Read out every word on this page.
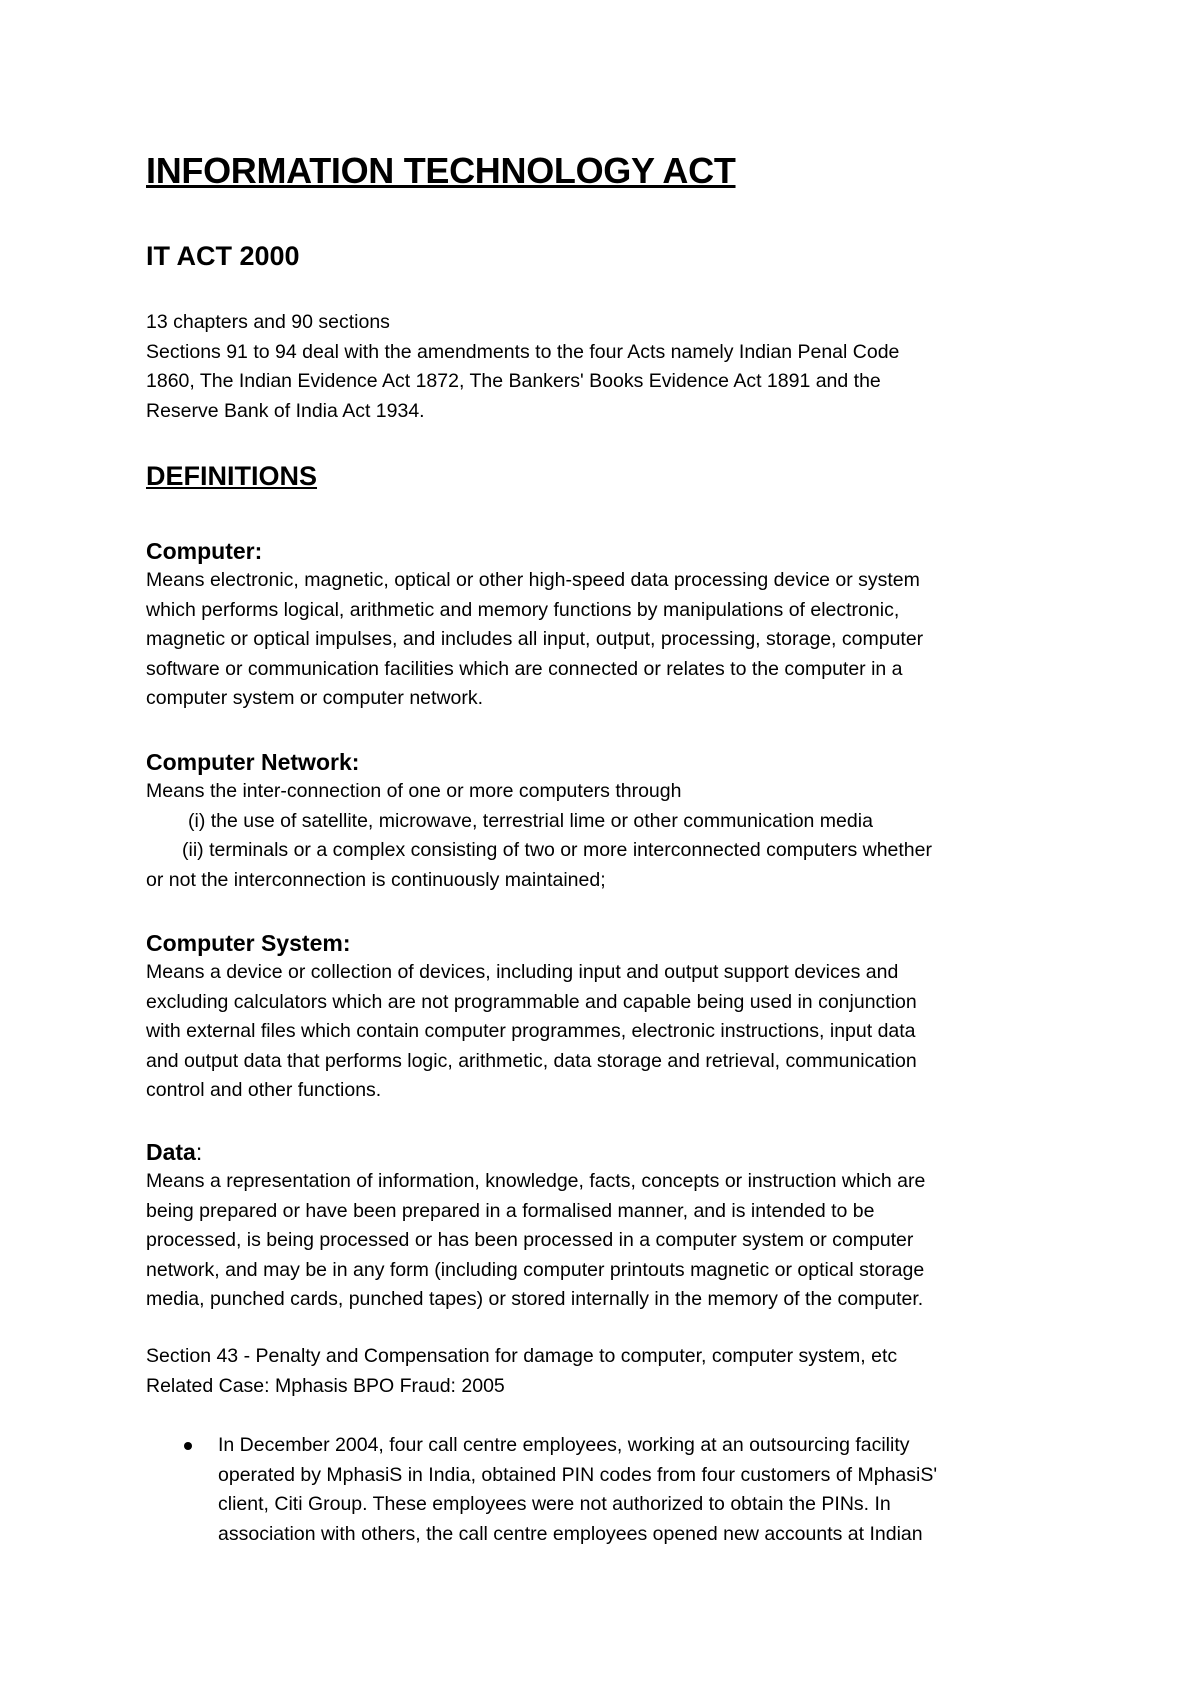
INFORMATION TECHNOLOGY ACT
IT ACT 2000

13 chapters and 90 sections

Sections 91 to 94 deal with the amendments to the four Acts namely Indian Penal Code

1860, The Indian Evidence Act 1872, The Bankers' Books Evidence Act 1891 and the

Reserve Bank of India Act 1934.

DEFINITIONS

Computer:

Means electronic, magnetic, optical or other high-speed data processing device or system

which performs logical, arithmetic and memory functions by manipulations of electronic,

magnetic or optical impulses, and includes all input, output, processing, storage, computer

software or communication facilities which are connected or relates to the computer in a

computer system or computer network.

Computer Network:

Means the inter-connection of one or more computers through

(i) the use of satellite, microwave, terrestrial lime or other communication media

(ii) terminals or a complex consisting of two or more interconnected computers whether

or not the interconnection is continuously maintained;

Computer System:

Means a device or collection of devices, including input and output support devices and

excluding calculators which are not programmable and capable being used in conjunction

with external files which contain computer programmes, electronic instructions, input data

and output data that performs logic, arithmetic, data storage and retrieval, communication

control and other functions.

Data:

Means a representation of information, knowledge, facts, concepts or instruction which are

being prepared or have been prepared in a formalised manner, and is intended to be

processed, is being processed or has been processed in a computer system or computer

network, and may be in any form (including computer printouts magnetic or optical storage

media, punched cards, punched tapes) or stored internally in the memory of the computer.

Section 43 - Penalty and Compensation for damage to computer, computer system, etc

Related Case: Mphasis BPO Fraud: 2005

In December 2004, four call centre employees, working at an outsourcing facility
operated by MphasiS in India, obtained PIN codes from four customers of MphasiS'
client, Citi Group. These employees were not authorized to obtain the PINs. In
association with others, the call centre employees opened new accounts at Indian
